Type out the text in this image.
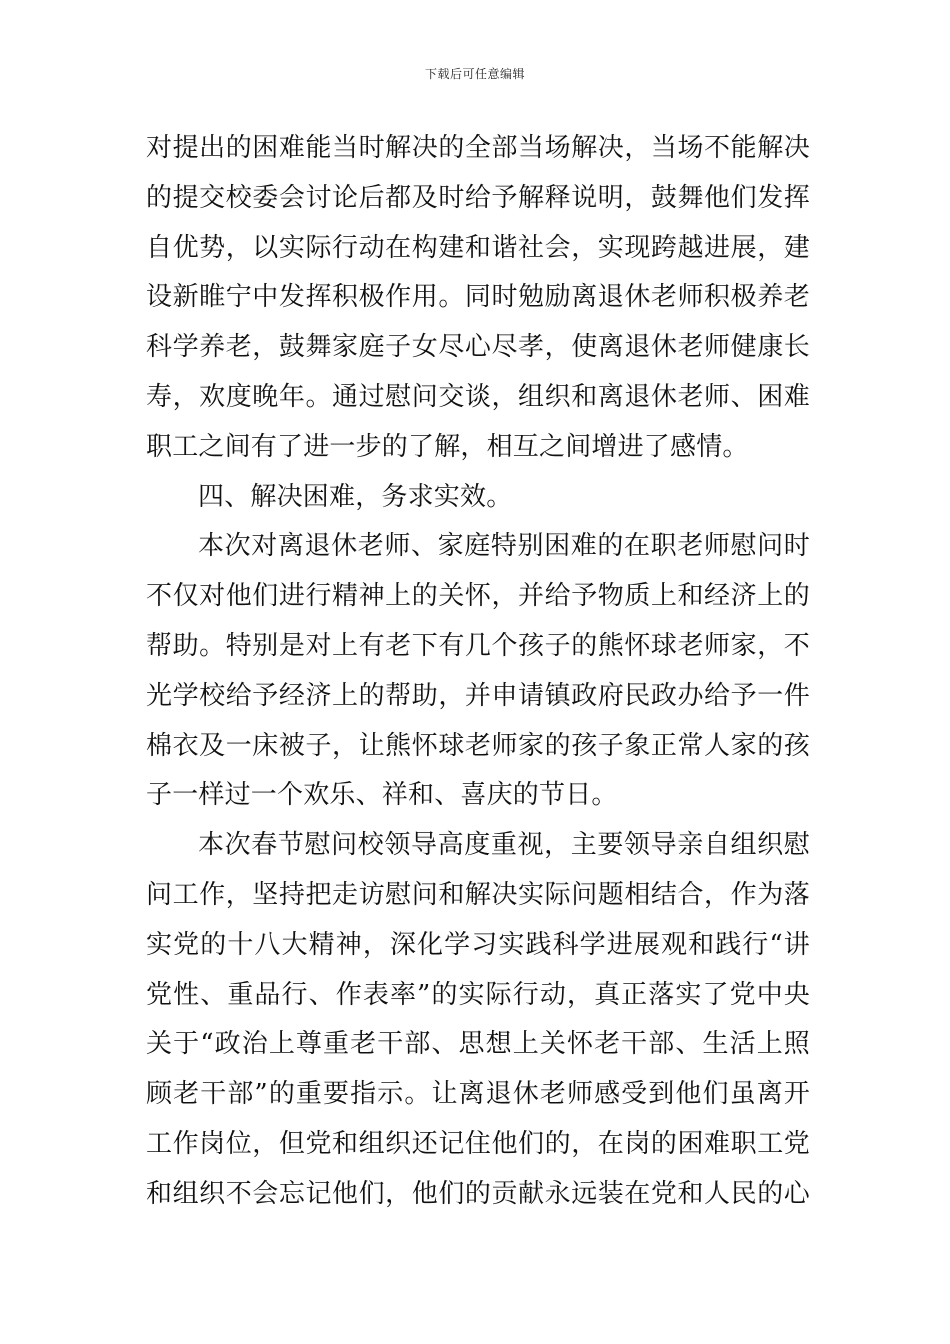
下载后可任意编辑
对提出的困难能当时解决的全部当场解决，当场不能解决
的提交校委会讨论后都及时给予解释说明，鼓舞他们发挥
自优势，以实际行动在构建和谐社会，实现跨越进展，建
设新睢宁中发挥积极作用。同时勉励离退休老师积极养老
科学养老，鼓舞家庭子女尽心尽孝，使离退休老师健康长
寿，欢度晚年。通过慰问交谈，组织和离退休老师、困难
职工之间有了进一步的了解，相互之间增进了感情。
四、解决困难，务求实效。
本次对离退休老师、家庭特别困难的在职老师慰问时
不仅对他们进行精神上的关怀，并给予物质上和经济上的
帮助。特别是对上有老下有几个孩子的熊怀球老师家，不
光学校给予经济上的帮助，并申请镇政府民政办给予一件
棉衣及一床被子，让熊怀球老师家的孩子象正常人家的孩
子一样过一个欢乐、祥和、喜庆的节日。
本次春节慰问校领导高度重视，主要领导亲自组织慰
问工作，坚持把走访慰问和解决实际问题相结合，作为落
实党的十八大精神，深化学习实践科学进展观和践行“讲
党性、重品行、作表率”的实际行动，真正落实了党中央
关于“政治上尊重老干部、思想上关怀老干部、生活上照
顾老干部”的重要指示。让离退休老师感受到他们虽离开
工作岗位，但党和组织还记住他们的，在岗的困难职工党
和组织不会忘记他们，他们的贡献永远装在党和人民的心
